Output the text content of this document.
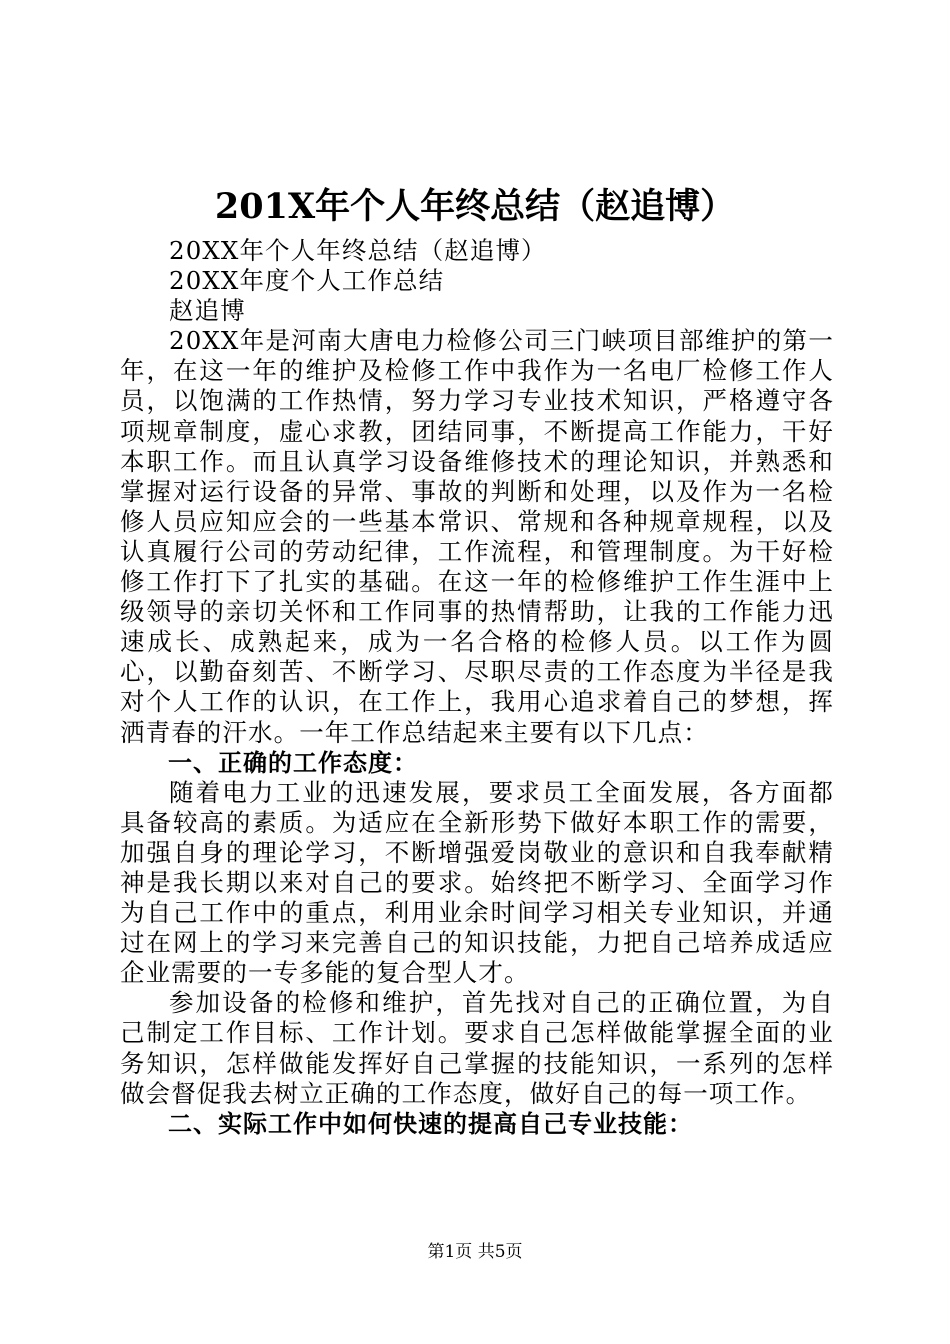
201X年个人年终总结（赵追博）

20XX年个人年终总结（赵追博）

20XX年度个人工作总结

赵追博

20XX年是河南大唐电力检修公司三门峡项目部维护的第一年，在这一年的维护及检修工作中我作为一名电厂检修工作人员，以饱满的工作热情，努力学习专业技术知识，严格遵守各项规章制度，虚心求教，团结同事，不断提高工作能力，干好本职工作。而且认真学习设备维修技术的理论知识，并熟悉和掌握对运行设备的异常、事故的判断和处理，以及作为一名检修人员应知应会的一些基本常识、常规和各种规章规程，以及认真履行公司的劳动纪律，工作流程，和管理制度。为干好检修工作打下了扎实的基础。在这一年的检修维护工作生涯中上级领导的亲切关怀和工作同事的热情帮助，让我的工作能力迅速成长、成熟起来，成为一名合格的检修人员。以工作为圆心，以勤奋刻苦、不断学习、尽职尽责的工作态度为半径是我对个人工作的认识，在工作上，我用心追求着自己的梦想，挥洒青春的汗水。一年工作总结起来主要有以下几点：

一、正确的工作态度：

随着电力工业的迅速发展，要求员工全面发展，各方面都具备较高的素质。为适应在全新形势下做好本职工作的需要，加强自身的理论学习，不断增强爱岗敬业的意识和自我奉献精神是我长期以来对自己的要求。始终把不断学习、全面学习作为自己工作中的重点，利用业余时间学习相关专业知识，并通过在网上的学习来完善自己的知识技能，力把自己培养成适应企业需要的一专多能的复合型人才。

参加设备的检修和维护，首先找对自己的正确位置，为自己制定工作目标、工作计划。要求自己怎样做能掌握全面的业务知识，怎样做能发挥好自己掌握的技能知识，一系列的怎样做会督促我去树立正确的工作态度，做好自己的每一项工作。

二、实际工作中如何快速的提高自己专业技能：

第1页 共5页
